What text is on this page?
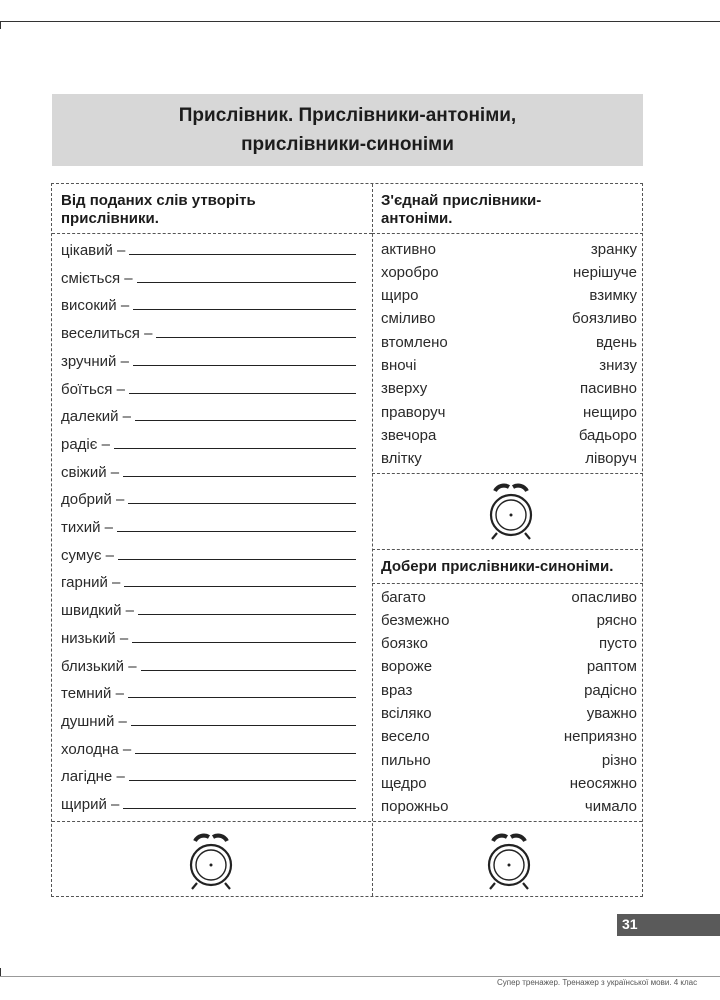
Прислівник. Прислівники-антоніми,
прислівники-синоніми
Від поданих слів утворіть
прислівники.
цікавий –
сміється –
високий –
веселиться –
зручний –
боїться –
далекий –
радіє –
свіжий –
добрий –
тихий –
сумує –
гарний –
швидкий –
низький –
близький –
темний –
душний –
холодна –
лагідне –
щирий –
З'єднай прислівники-
антоніми.
активно	зранку
хоробро	нерішуче
щиро	взимку
сміливо	боязливо
втомлено	вдень
вночі	знизу
зверху	пасивно
праворуч	нещиро
звечора	бадьоро
влітку	ліворуч
Добери прислівники-синоніми.
багато	опасливо
безмежно	рясно
боязко	пусто
вороже	раптом
враз	радісно
всіляко	уважно
весело	неприязно
пильно	різно
щедро	неосяжно
порожньо	чимало
31
Супер тренажер. Тренажер з української мови. 4 клас
